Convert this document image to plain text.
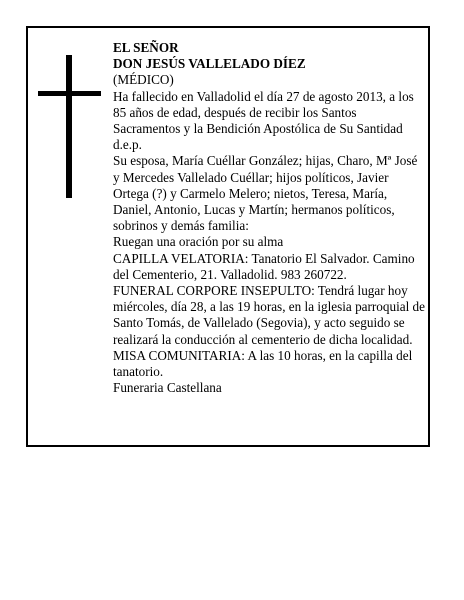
EL SEÑOR

DON JESÚS VALLELADO DÍEZ

(MÉDICO)

Ha fallecido en Valladolid el día 27 de agosto 2013, a los 85 años de edad, después de recibir los Santos Sacramentos y la Bendición Apostólica de Su Santidad

d.e.p.

Su esposa, María Cuéllar González; hijas, Charo, Mª José y Mercedes Vallelado Cuéllar; hijos políticos, Javier Ortega (?) y Carmelo Melero; nietos, Teresa, María, Daniel, Antonio, Lucas y Martín; hermanos políticos, sobrinos y demás familia:

Ruegan una oración por su alma

CAPILLA VELATORIA: Tanatorio El Salvador. Camino del Cementerio, 21. Valladolid. 983 260722.

FUNERAL CORPORE INSEPULTO: Tendrá lugar hoy miércoles, día 28, a las 19 horas, en la iglesia parroquial de Santo Tomás, de Vallelado (Segovia), y acto seguido se realizará la conducción al cementerio de dicha localidad.

MISA COMUNITARIA: A las 10 horas, en la capilla del tanatorio.

Funeraria Castellana
